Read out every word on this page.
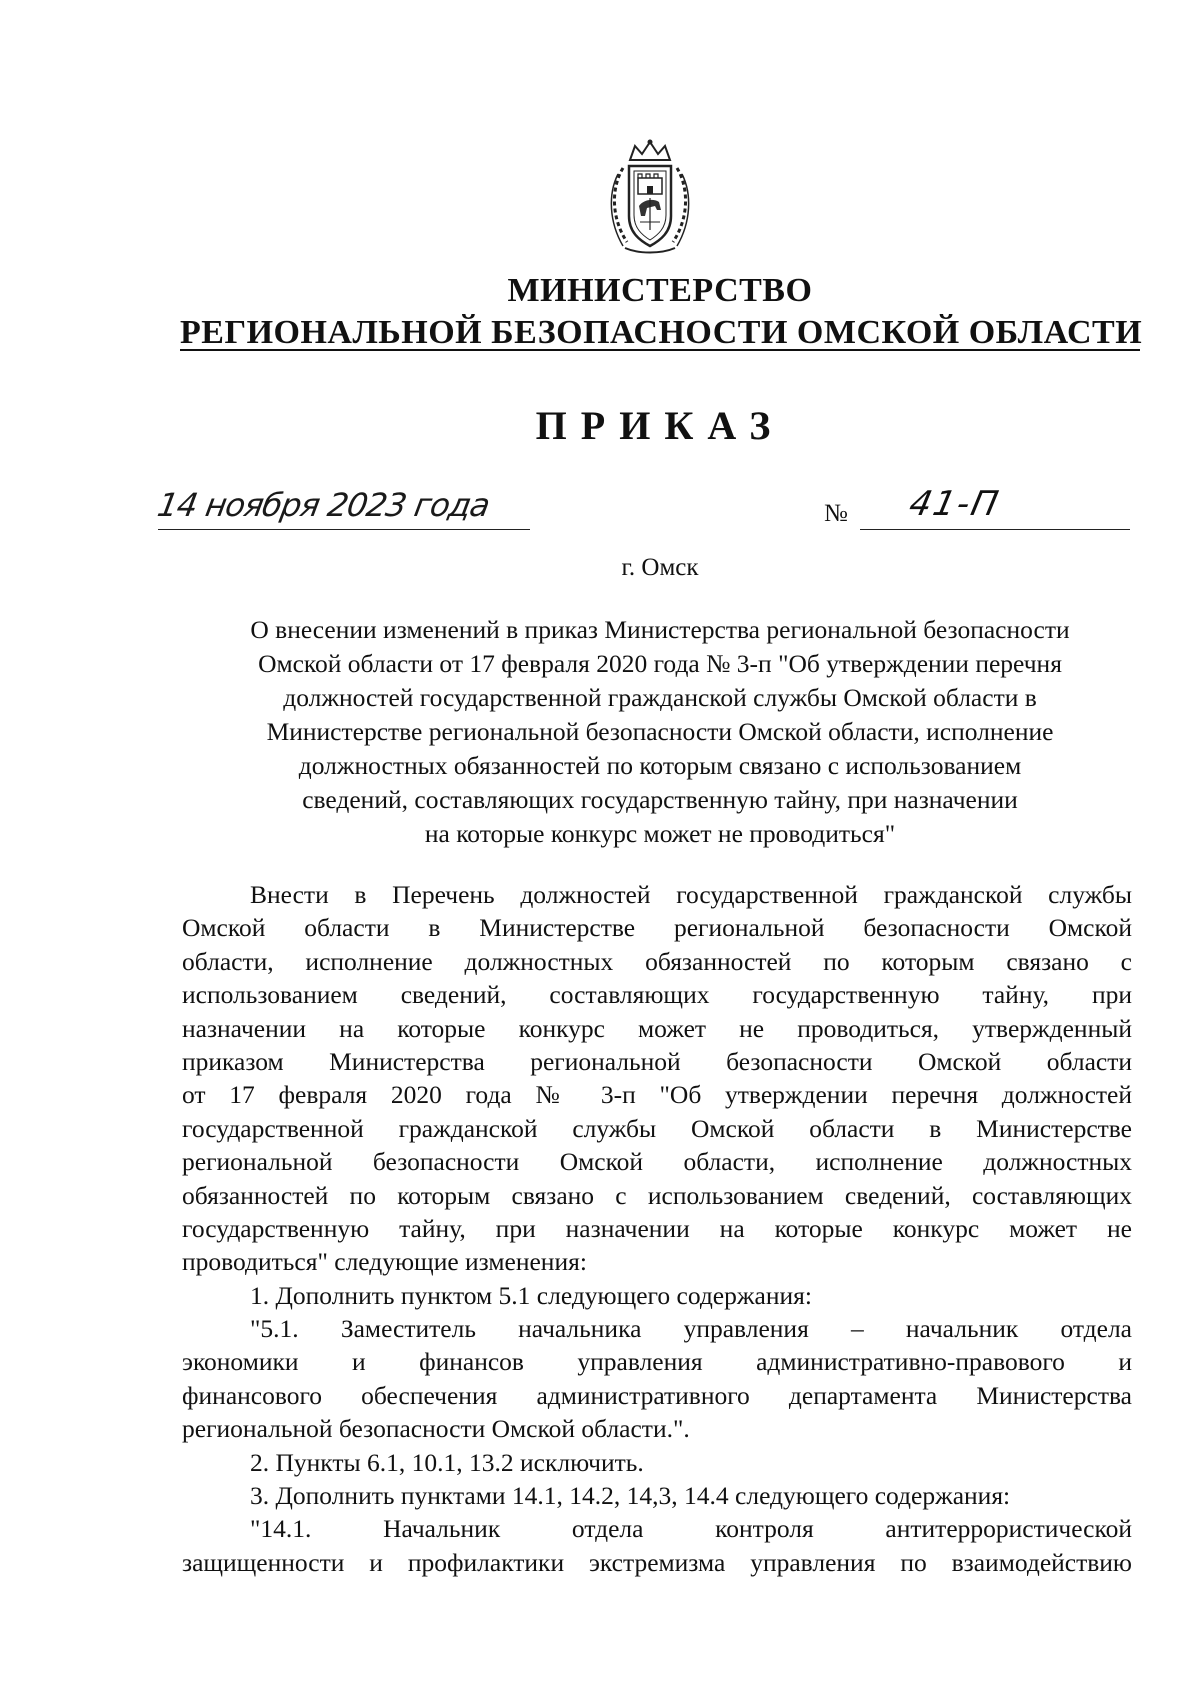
МИНИСТЕРСТВО
РЕГИОНАЛЬНОЙ БЕЗОПАСНОСТИ ОМСКОЙ ОБЛАСТИ
ПРИКАЗ
14 ноября 2023 года	№ 41-П
г. Омск
О внесении изменений в приказ Министерства региональной безопасности
Омской области от 17 февраля 2020 года № 3-п "Об утверждении перечня
должностей государственной гражданской службы Омской области в
Министерстве региональной безопасности Омской области, исполнение
должностных обязанностей по которым связано с использованием
сведений, составляющих государственную тайну, при назначении
на которые конкурс может не проводиться"
Внести в Перечень должностей государственной гражданской службы
Омской области в Министерстве региональной безопасности Омской
области, исполнение должностных обязанностей по которым связано с
использованием сведений, составляющих государственную тайну, при
назначении на которые конкурс может не проводиться, утвержденный
приказом Министерства региональной безопасности Омской области
от 17 февраля 2020 года № 3-п "Об утверждении перечня должностей
государственной гражданской службы Омской области в Министерстве
региональной безопасности Омской области, исполнение должностных
обязанностей по которым связано с использованием сведений, составляющих
государственную тайну, при назначении на которые конкурс может не
проводиться" следующие изменения:
1. Дополнить пунктом 5.1 следующего содержания:
"5.1. Заместитель начальника управления – начальник отдела
экономики и финансов управления административно-правового и
финансового обеспечения административного департамента Министерства
региональной безопасности Омской области.".
2. Пункты 6.1, 10.1, 13.2 исключить.
3. Дополнить пунктами 14.1, 14.2, 14,3, 14.4 следующего содержания:
"14.1. Начальник отдела контроля антитеррористической
защищенности и профилактики экстремизма управления по взаимодействию
